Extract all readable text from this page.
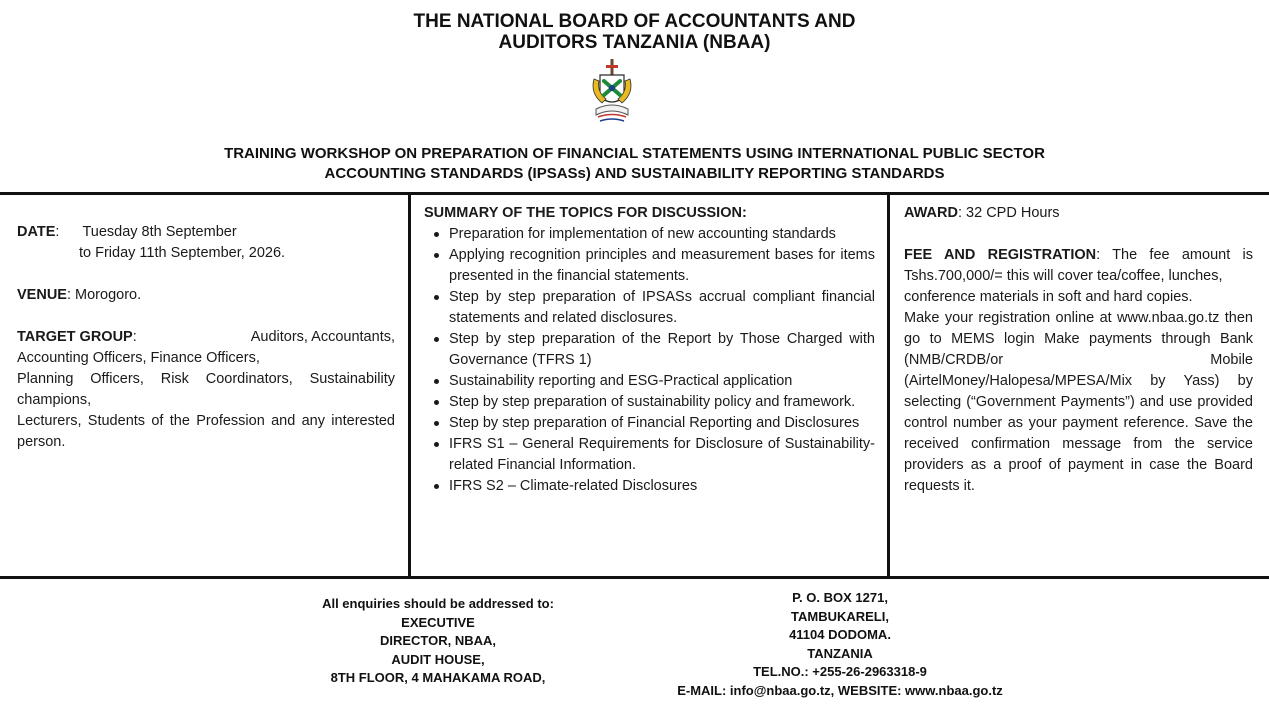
THE NATIONAL BOARD OF ACCOUNTANTS AND
AUDITORS TANZANIA (NBAA)
TRAINING WORKSHOP ON PREPARATION OF FINANCIAL STATEMENTS USING INTERNATIONAL PUBLIC SECTOR
ACCOUNTING STANDARDS (IPSASs) AND SUSTAINABILITY REPORTING STANDARDS
DATE: Tuesday 8th September
to Friday 11th September, 2026.
VENUE: Morogoro.
TARGET GROUP:	Auditors, Accountants,
Accounting Officers, Finance Officers,
Planning Officers, Risk Coordinators, Sustainability champions,
Lecturers, Students of the Profession and any interested person.
SUMMARY OF THE TOPICS FOR DISCUSSION:
Preparation for implementation of new accounting standards
Applying recognition principles and measurement bases for items presented in the financial statements.
Step by step preparation of IPSASs accrual compliant financial statements and related disclosures.
Step by step preparation of the Report by Those Charged with Governance (TFRS 1)
Sustainability reporting and ESG-Practical application
Step by step preparation of sustainability policy and framework.
Step by step preparation of Financial Reporting and Disclosures
IFRS S1 – General Requirements for Disclosure of Sustainability- related Financial Information.
IFRS S2 – Climate-related Disclosures
AWARD: 32 CPD Hours
FEE AND REGISTRATION: The fee amount is Tshs.700,000/= this will cover tea/coffee, lunches,
conference materials in soft and hard copies.
Make your registration online at www.nbaa.go.tz then go to MEMS login Make payments through Bank (NMB/CRDB/or Mobile (AirtelMoney/Halopesa/MPESA/Mix by Yass) by selecting (“Government Payments”) and use provided control number as your payment reference. Save the received confirmation message from the service providers as a proof of payment in case the Board requests it.
All enquiries should be addressed to:
EXECUTIVE
DIRECTOR, NBAA,
AUDIT HOUSE,
8TH FLOOR, 4 MAHAKAMA ROAD,
P. O. BOX 1271,
TAMBUKARELI,
41104 DODOMA.
TANZANIA
TEL.NO.: +255-26-2963318-9
E-MAIL: info@nbaa.go.tz, WEBSITE: www.nbaa.go.tz
